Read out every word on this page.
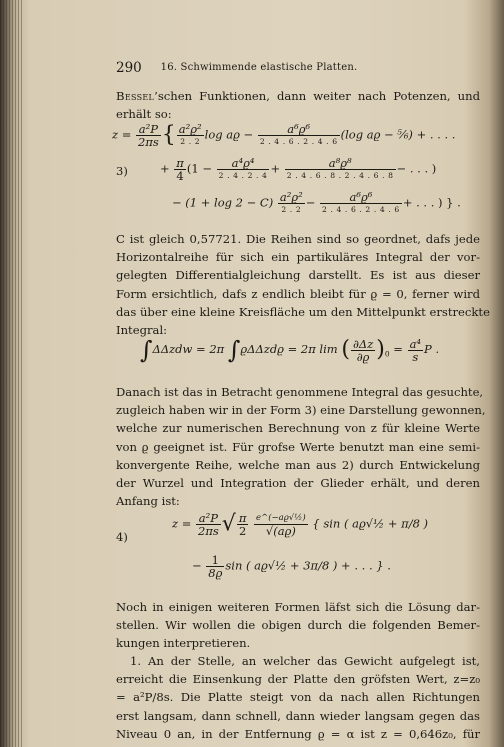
290	16. Schwimmende elastische Platten.
Bessel’schen Funktionen, dann weiter nach Potenzen, und
erhält so:
$z = \frac{\text{a²P}}{2\pi s}$ { $\frac{\text{a²ϱ²}}{2 . 2}$ $\log aϱ - \frac{\text{a⁶ϱ⁶}}{2 . 4 . 6 . 2 . 4 . 6} (\log$ aϱ − ⁵⁄₆) + . . . .
3)	+ $\frac{\pi}{4} (1 - \frac{\text{a⁴ϱ⁴}}{2 . 4 . 2 . 4} + \frac{\text{a⁸ϱ⁸}}{2 . 4 . 6 . 8 . 2 . 4 . 6 . 8}$ − . . . )
− $(1 + \log 2 - C) \frac{\text{a²ϱ²}}{2 . 2} - \frac{\text{a⁶ϱ⁶}}{2 . 4 . 6 . 2 . 4 . 6}$ + . . . ) } .
C ist gleich 0,57721. Die Reihen sind so geordnet, dafs jede
Horizontalreihe für sich ein partikuläres Integral der vor-
gelegten Differentialgleichung darstellt. Es ist aus dieser
Form ersichtlich, dafs z endlich bleibt für ϱ = 0, ferner wird
das über eine kleine Kreisfläche um den Mittelpunkt erstreckte
Integral:
∫ΔΔzdw = 2π ∫ϱΔΔzdϱ = 2π lim ( $\frac{\partial\Delta z}{\partial ϱ} )_0 = \frac{\text{a⁴}}{s}$ P .
Danach ist das in Betracht genommene Integral das gesuchte,
zugleich haben wir in der Form 3) eine Darstellung gewonnen,
welche zur numerischen Berechnung von z für kleine Werte
von ϱ geeignet ist. Für grofse Werte benutzt man eine semi-
konvergente Reihe, welche man aus 2) durch Entwickelung
der Wurzel und Integration der Glieder erhält, und deren
Anfang ist:
$z = \frac{\text{a²P}}{2\pi s}$ √ $\frac{\pi}{2}$
$\frac{\text{e\textasciicircum{}(−aϱ√½)}}{√(aϱ)}$ { sin ( aϱ√½ + π/8 )
4)
− $\frac{1}{8ϱ}$ sin ( aϱ√½ + 3π/8 ) + . . . } .
Noch in einigen weiteren Formen läfst sich die Lösung dar-
stellen. Wir wollen die obigen durch die folgenden Bemer-
kungen interpretieren.
1. An der Stelle, an welcher das Gewicht aufgelegt ist,
erreicht die Einsenkung der Platte den gröfsten Wert, z=z₀
= a²P/8s. Die Platte steigt von da nach allen Richtungen
erst langsam, dann schnell, dann wieder langsam gegen das
Niveau 0 an, in der Entfernung ϱ = α ist z = 0,646z₀, für
